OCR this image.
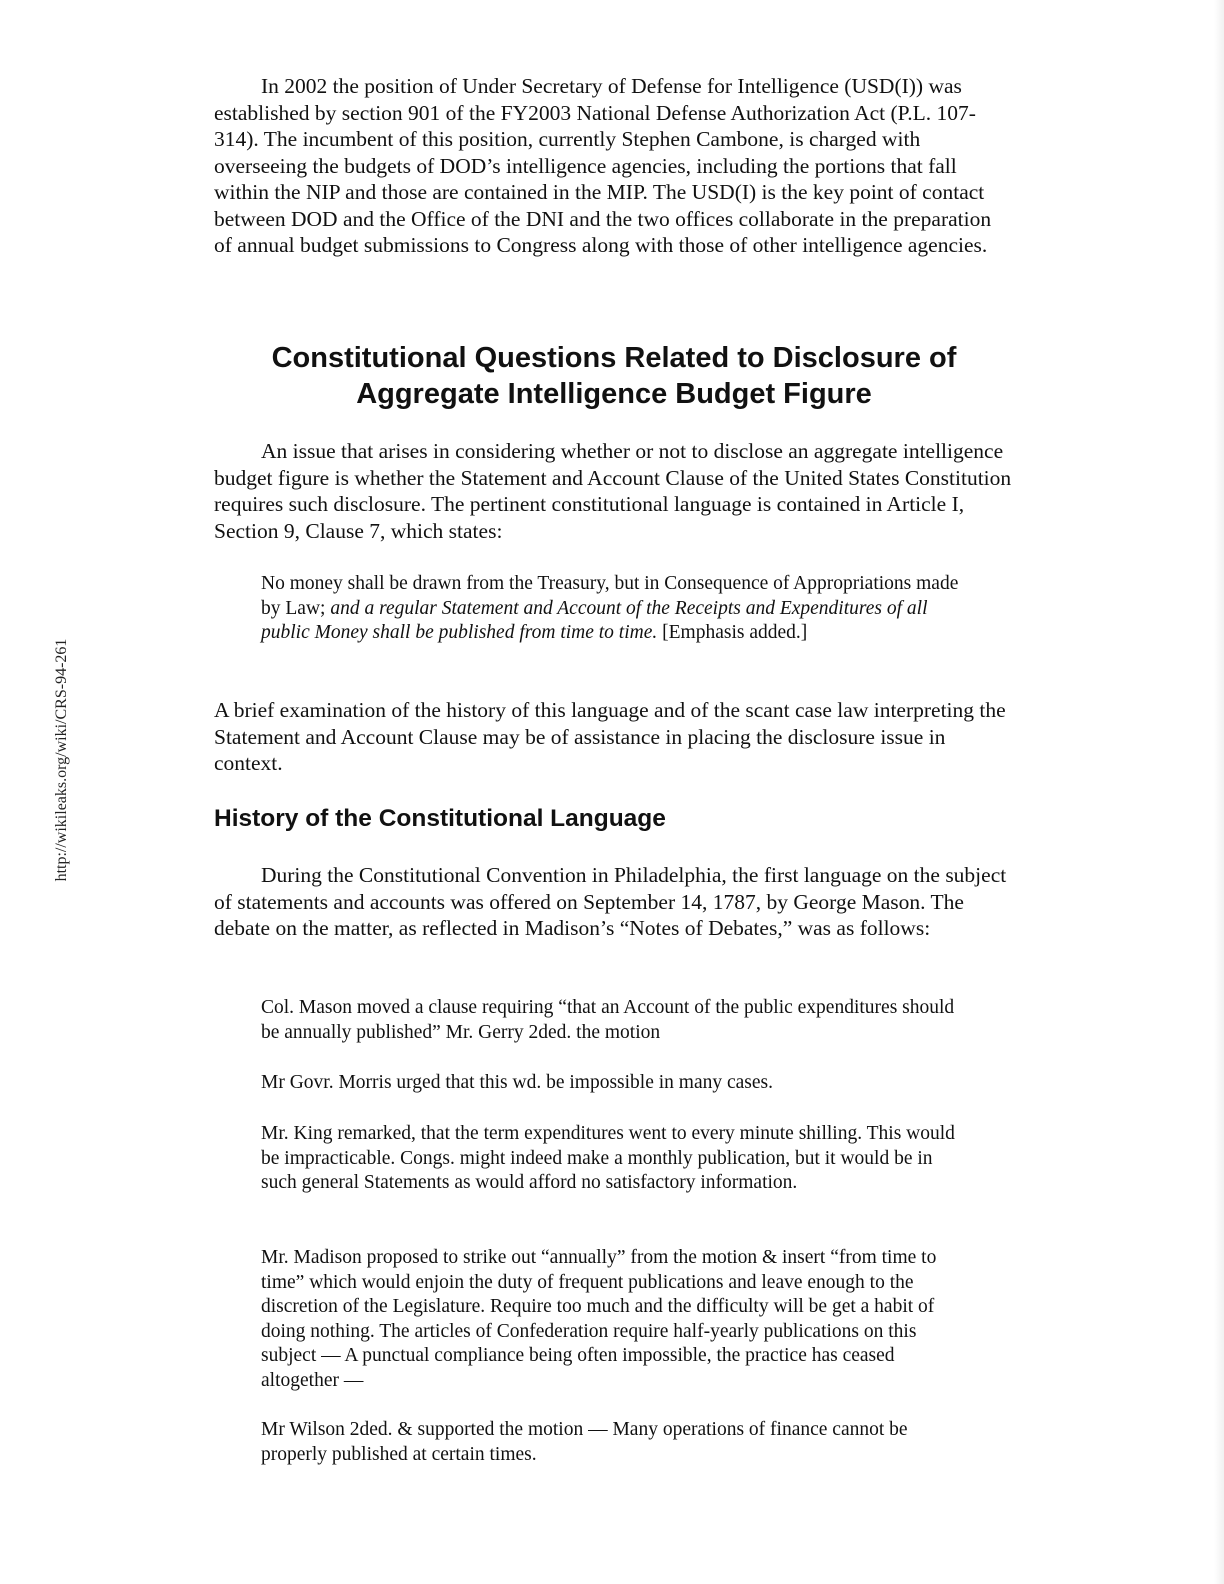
http://wikileaks.org/wiki/CRS-94-261

In 2002 the position of Under Secretary of Defense for Intelligence (USD(I)) was established by section 901 of the FY2003 National Defense Authorization Act (P.L. 107-314). The incumbent of this position, currently Stephen Cambone, is charged with overseeing the budgets of DOD’s intelligence agencies, including the portions that fall within the NIP and those are contained in the MIP. The USD(I) is the key point of contact between DOD and the Office of the DNI and the two offices collaborate in the preparation of annual budget submissions to Congress along with those of other intelligence agencies.

Constitutional Questions Related to Disclosure of
Aggregate Intelligence Budget Figure

An issue that arises in considering whether or not to disclose an aggregate intelligence budget figure is whether the Statement and Account Clause of the United States Constitution requires such disclosure. The pertinent constitutional language is contained in Article I, Section 9, Clause 7, which states:

No money shall be drawn from the Treasury, but in Consequence of Appropriations made by Law; and a regular Statement and Account of the Receipts and Expenditures of all public Money shall be published from time to time. [Emphasis added.]

A brief examination of the history of this language and of the scant case law interpreting the Statement and Account Clause may be of assistance in placing the disclosure issue in context.

History of the Constitutional Language

During the Constitutional Convention in Philadelphia, the first language on the subject of statements and accounts was offered on September 14, 1787, by George Mason. The debate on the matter, as reflected in Madison’s “Notes of Debates,” was as follows:

Col. Mason moved a clause requiring “that an Account of the public expenditures should be annually published” Mr. Gerry 2ded. the motion

Mr Govr. Morris urged that this wd. be impossible in many cases.

Mr. King remarked, that the term expenditures went to every minute shilling. This would be impracticable. Congs. might indeed make a monthly publication, but it would be in such general Statements as would afford no satisfactory information.

Mr. Madison proposed to strike out “annually” from the motion & insert “from time to time” which would enjoin the duty of frequent publications and leave enough to the discretion of the Legislature. Require too much and the difficulty will be get a habit of doing nothing. The articles of Confederation require half-yearly publications on this subject — A punctual compliance being often impossible, the practice has ceased altogether —

Mr Wilson 2ded. & supported the motion — Many operations of finance cannot be properly published at certain times.
